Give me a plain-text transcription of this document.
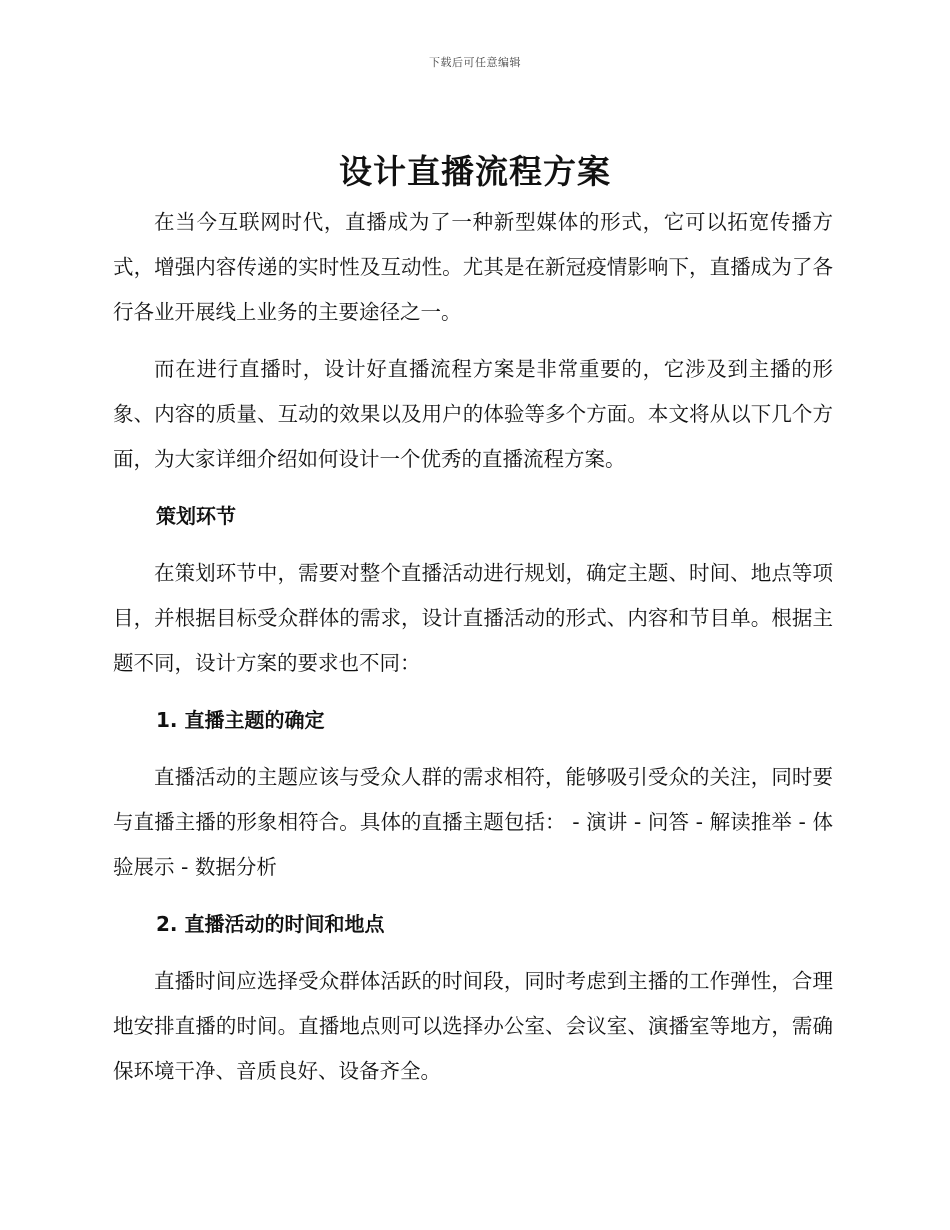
下载后可任意编辑
设计直播流程方案

在当今互联网时代，直播成为了一种新型媒体的形式，它可以拓宽传播方式，增强内容传递的实时性及互动性。尤其是在新冠疫情影响下，直播成为了各行各业开展线上业务的主要途径之一。

而在进行直播时，设计好直播流程方案是非常重要的，它涉及到主播的形象、内容的质量、互动的效果以及用户的体验等多个方面。本文将从以下几个方面，为大家详细介绍如何设计一个优秀的直播流程方案。

策划环节

在策划环节中，需要对整个直播活动进行规划，确定主题、时间、地点等项目，并根据目标受众群体的需求，设计直播活动的形式、内容和节目单。根据主题不同，设计方案的要求也不同：

1. 直播主题的确定

直播活动的主题应该与受众人群的需求相符，能够吸引受众的关注，同时要与直播主播的形象相符合。具体的直播主题包括： - 演讲 - 问答 - 解读推举 - 体验展示 - 数据分析

2. 直播活动的时间和地点

直播时间应选择受众群体活跃的时间段，同时考虑到主播的工作弹性，合理地安排直播的时间。直播地点则可以选择办公室、会议室、演播室等地方，需确保环境干净、音质良好、设备齐全。
